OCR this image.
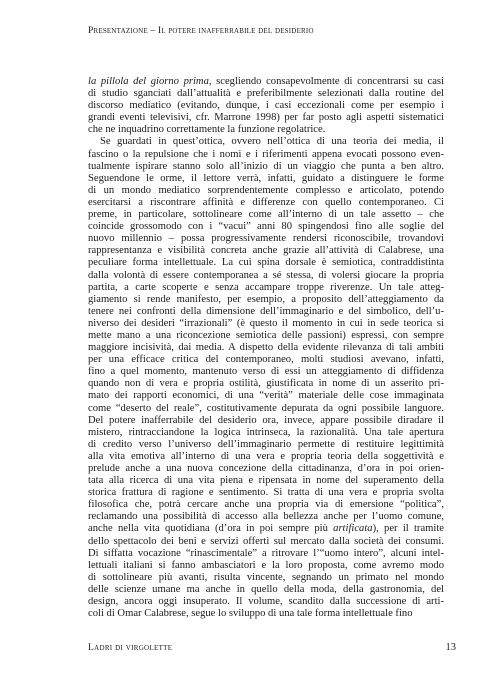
Presentazione – Il potere inafferrabile del desiderio
la pillola del giorno prima, scegliendo consapevolmente di concentrarsi su casi
di studio sganciati dall’attualità e preferibilmente selezionati dalla routine del
discorso mediatico (evitando, dunque, i casi eccezionali come per esempio i
grandi eventi televisivi, cfr. Marrone 1998) per far posto agli aspetti sistematici
che ne inquadrino correttamente la funzione regolatrice.
Se guardati in quest’ottica, ovvero nell’ottica di una teoria dei media, il
fascino o la repulsione che i nomi e i riferimenti appena evocati possono even-
tualmente ispirare stanno solo all’inizio di un viaggio che punta a ben altro.
Seguendone le orme, il lettore verrà, infatti, guidato a distinguere le forme
di un mondo mediatico sorprendentemente complesso e articolato, potendo
esercitarsi a riscontrare affinità e differenze con quello contemporaneo. Ci
preme, in particolare, sottolineare come all’interno di un tale assetto – che
coincide grossomodo con i “vacui” anni 80 spingendosi fino alle soglie del
nuovo millennio – possa progressivamente rendersi riconoscibile, trovandovi
rappresentanza e visibilità concreta anche grazie all’attività di Calabrese, una
peculiare forma intellettuale. La cui spina dorsale è semiotica, contraddistinta
dalla volontà di essere contemporanea a sé stessa, di volersi giocare la propria
partita, a carte scoperte e senza accampare troppe riverenze. Un tale atteg-
giamento si rende manifesto, per esempio, a proposito dell’atteggiamento da
tenere nei confronti della dimensione dell’immaginario e del simbolico, dell’u-
niverso dei desideri “irrazionali” (è questo il momento in cui in sede teorica si
mette mano a una riconcezione semiotica delle passioni) espressi, con sempre
maggiore incisività, dai media. A dispetto della evidente rilevanza di tali ambiti
per una efficace critica del contemporaneo, molti studiosi avevano, infatti,
fino a quel momento, mantenuto verso di essi un atteggiamento di diffidenza
quando non di vera e propria ostilità, giustificata in nome di un asserito pri-
mato dei rapporti economici, di una “verità” materiale delle cose immaginata
come “deserto del reale”, costitutivamente depurata da ogni possibile languore.
Del potere inafferrabile del desiderio ora, invece, appare possibile diradare il
mistero, rintracciandone la logica intrinseca, la razionalità. Una tale apertura
di credito verso l’universo dell’immaginario permette di restituire legittimità
alla vita emotiva all’interno di una vera e propria teoria della soggettività e
prelude anche a una nuova concezione della cittadinanza, d’ora in poi orien-
tata alla ricerca di una vita piena e ripensata in nome del superamento della
storica frattura di ragione e sentimento. Si tratta di una vera e propria svolta
filosofica che, potrà cercare anche una propria via di emersione “politica”,
reclamando una possibilità di accesso alla bellezza anche per l’uomo comune,
anche nella vita quotidiana (d’ora in poi sempre più artificata), per il tramite
dello spettacolo dei beni e servizi offerti sul mercato dalla società dei consumi.
Di siffatta vocazione “rinascimentale” a ritrovare l’“uomo intero”, alcuni intel-
lettuali italiani si fanno ambasciatori e la loro proposta, come avremo modo
di sottolineare più avanti, risulta vincente, segnando un primato nel mondo
delle scienze umane ma anche in quello della moda, della gastronomia, del
design, ancora oggi insuperato. Il volume, scandito dalla successione di arti-
coli di Omar Calabrese, segue lo sviluppo di una tale forma intellettuale fino
Ladri di virgolette	13
